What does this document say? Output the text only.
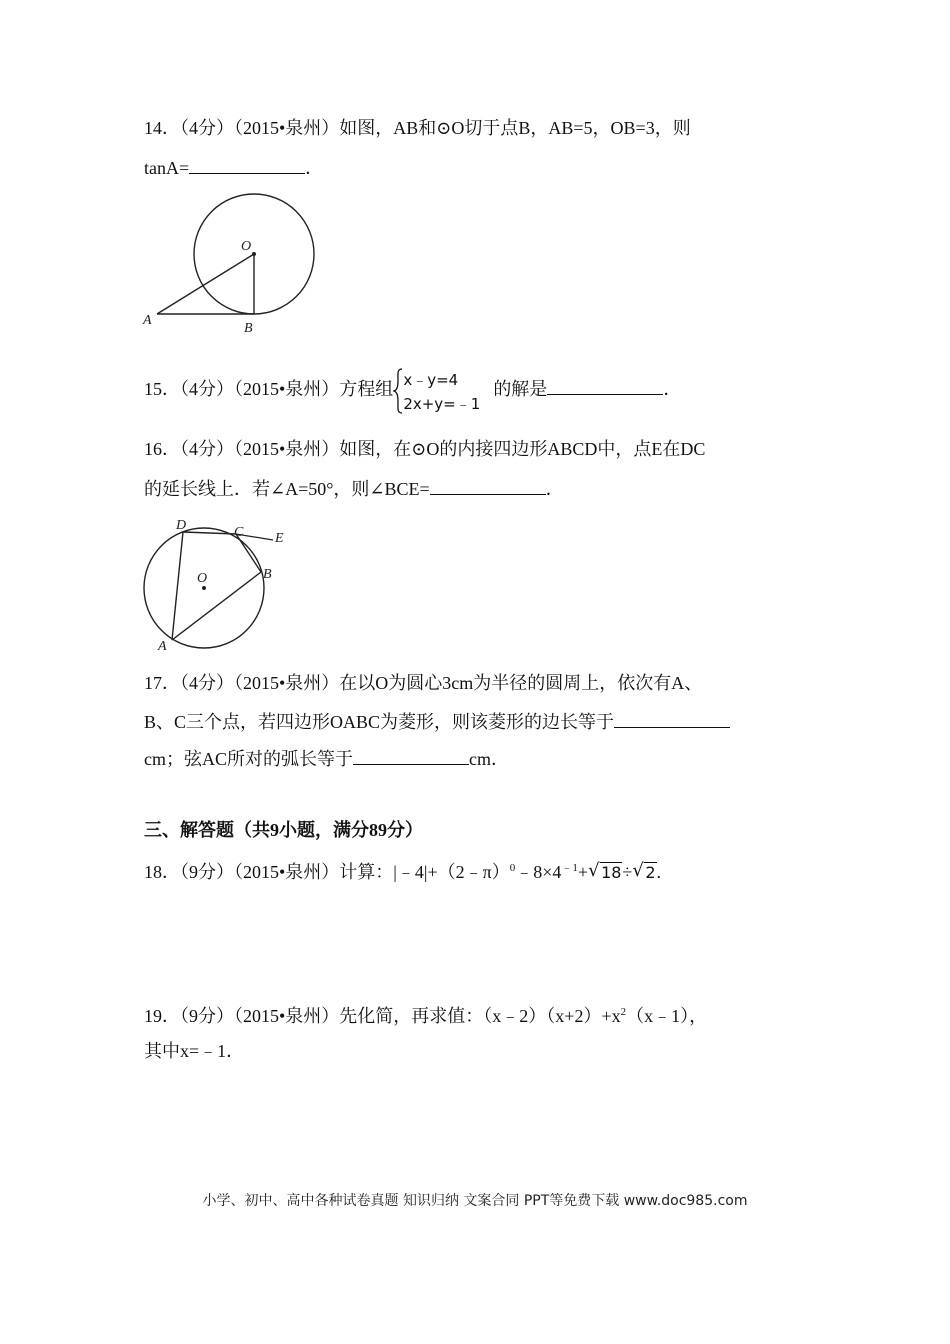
14．（4分）（2015•泉州）如图，AB和⊙O切于点B，AB=5，OB=3，则
tanA=	．
O
A
B
15．（4分）（2015•泉州）方程组 x﹣y=4
2x+y=﹣1
的解是	．
16．（4分）（2015•泉州）如图，在⊙O的内接四边形ABCD中，点E在DC
的延长线上．若∠A=50°，则∠BCE=	．
D	C E
O	B
A
17．（4分）（2015•泉州）在以O为圆心3cm为半径的圆周上，依次有A、
B、C三个点，若四边形OABC为菱形，则该菱形的边长等于
cm；弦AC所对的弧长等于	cm．
三、解答题（共9小题，满分89分）
18．（9分）（2015•泉州）计算：$|﹣4|+(2﹣\pi)^0﹣8\times 4^{﹣1}+√$ 18÷√ 2.
19．（9分）（2015•泉州）先化简，再求值：$(x﹣2)(x+2)+x^2(x﹣1)$，
其中x=﹣1．
小学、初中、高中各种试卷真题 知识归纳 文案合同 PPT等免费下载 www.doc985.com
